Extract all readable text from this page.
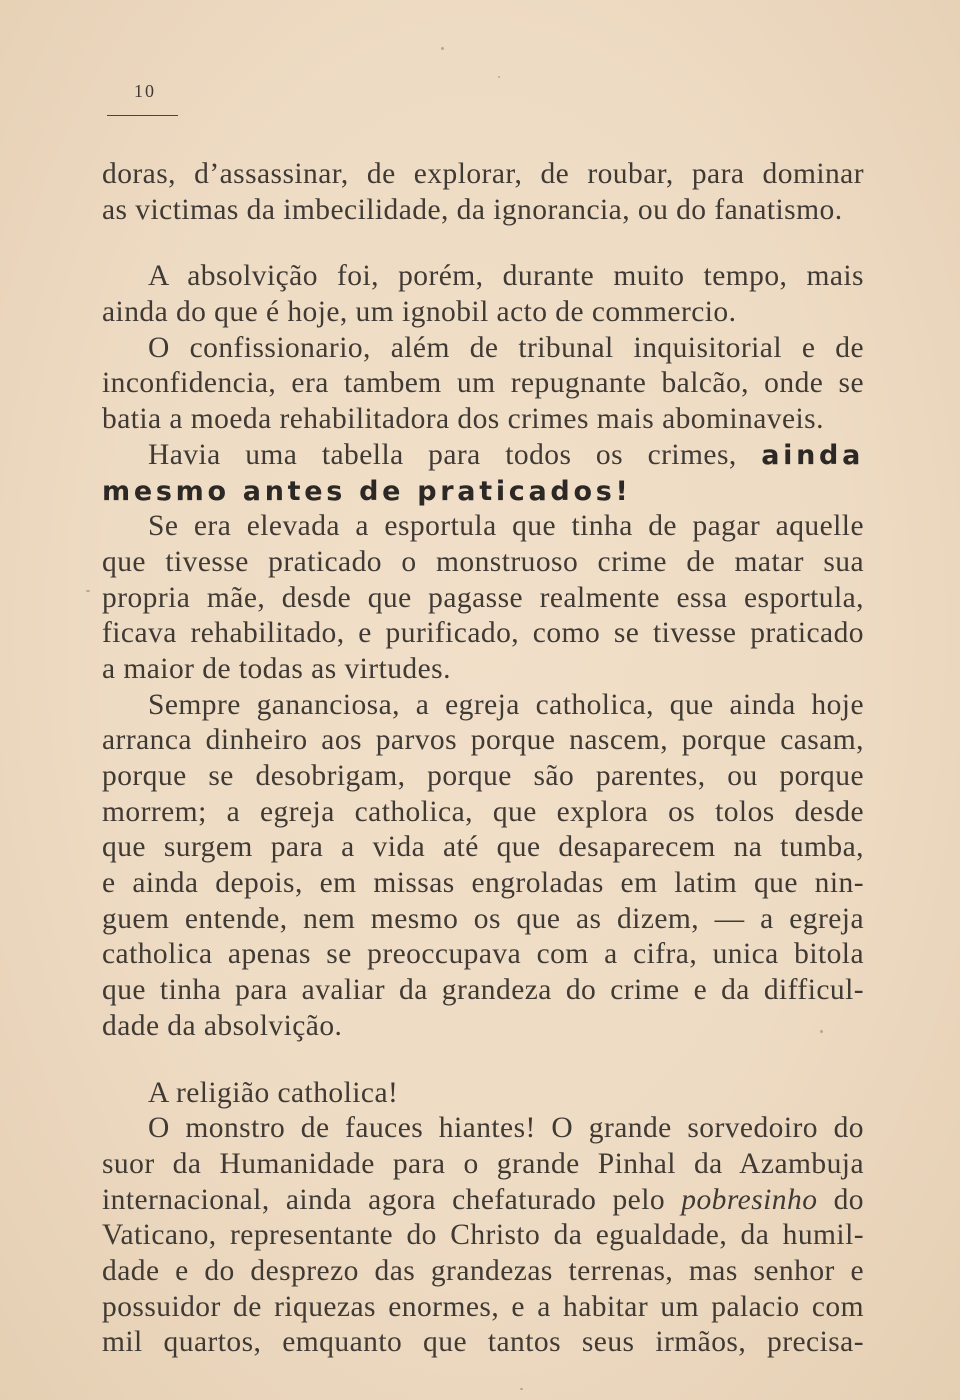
10
doras, d’assassinar, de explorar, de roubar, para dominar
as victimas da imbecilidade, da ignorancia, ou do fanatismo.
A absolvição foi, porém, durante muito tempo, mais
ainda do que é hoje, um ignobil acto de commercio.
O confissionario, além de tribunal inquisitorial e de
inconfidencia, era tambem um repugnante balcão, onde se
batia a moeda rehabilitadora dos crimes mais abominaveis.
Havia uma tabella para todos os crimes, ainda
mesmo antes de praticados!
Se era elevada a esportula que tinha de pagar aquelle
que tivesse praticado o monstruoso crime de matar sua
propria mãe, desde que pagasse realmente essa esportula,
ficava rehabilitado, e purificado, como se tivesse praticado
a maior de todas as virtudes.
Sempre gananciosa, a egreja catholica, que ainda hoje
arranca dinheiro aos parvos porque nascem, porque casam,
porque se desobrigam, porque são parentes, ou porque
morrem; a egreja catholica, que explora os tolos desde
que surgem para a vida até que desaparecem na tumba,
e ainda depois, em missas engroladas em latim que nin-
guem entende, nem mesmo os que as dizem, — a egreja
catholica apenas se preoccupava com a cifra, unica bitola
que tinha para avaliar da grandeza do crime e da difficul-
dade da absolvição.
A religião catholica!
O monstro de fauces hiantes! O grande sorvedoiro do
suor da Humanidade para o grande Pinhal da Azambuja
internacional, ainda agora chefaturado pelo pobresinho do
Vaticano, representante do Christo da egualdade, da humil-
dade e do desprezo das grandezas terrenas, mas senhor e
possuidor de riquezas enormes, e a habitar um palacio com
mil quartos, emquanto que tantos seus irmãos, precisa-
